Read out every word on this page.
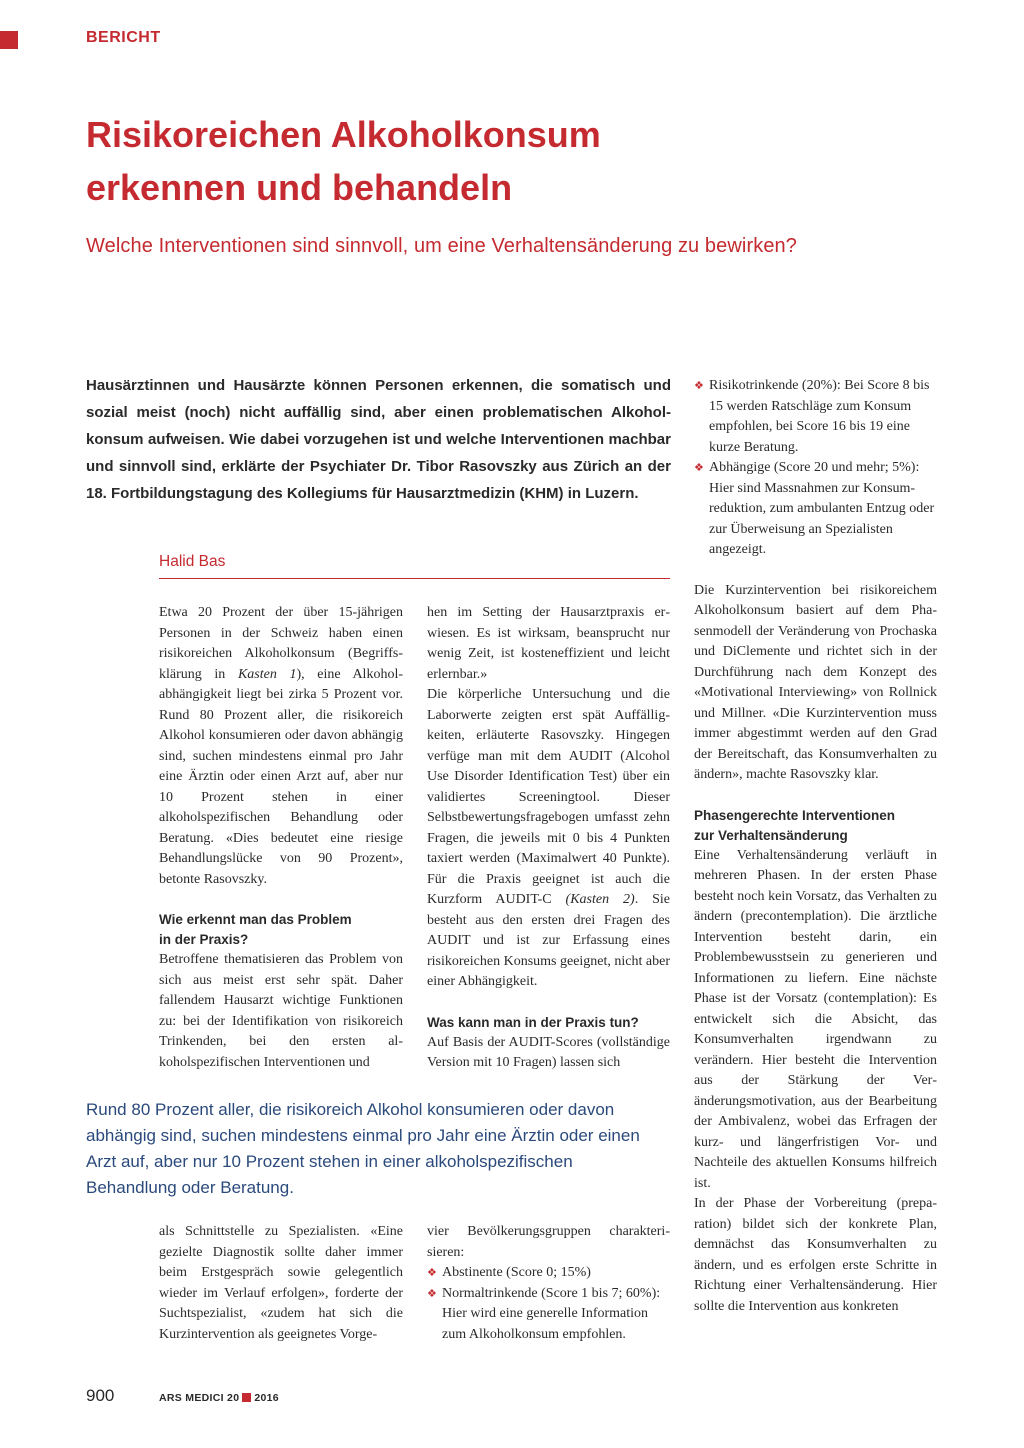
BERICHT
Risikoreichen Alkoholkonsum
erkennen und behandeln
Welche Interventionen sind sinnvoll, um eine Verhaltensänderung zu bewirken?

Hausärztinnen und Hausärzte können Personen erkennen, die somatisch und sozial meist (noch) nicht auffällig sind, aber einen problematischen Alkoholkonsum aufweisen. Wie dabei vorzugehen ist und welche Interventionen machbar und sinnvoll sind, erklärte der Psychiater Dr. Tibor Rasovszky aus Zürich an der 18. Fortbildungstagung des Kollegiums für Hausarztmedizin (KHM) in Luzern.

Halid Bas

Etwa 20 Prozent der über 15-jährigen Personen in der Schweiz haben einen risikoreichen Alkoholkonsum (Begriffsklärung in Kasten 1), eine Alkoholabhängigkeit liegt bei zirka 5 Prozent vor. Rund 80 Prozent aller, die risikoreich Alkohol konsumieren oder davon abhängig sind, suchen mindestens einmal pro Jahr eine Ärztin oder einen Arzt auf, aber nur 10 Prozent stehen in einer alkoholspezifischen Behandlung oder Beratung. «Dies bedeutet eine riesige Behandlungslücke von 90 Prozent», betonte Rasovszky.

Wie erkennt man das Problem
in der Praxis?

Betroffene thematisieren das Problem von sich aus meist erst sehr spät. Daher fallendem Hausarzt wichtige Funktionen zu: bei der Identifikation von risikoreich Trinkenden, bei den ersten alkoholspezifischen Interventionen und

hen im Setting der Hausarztpraxis erwiesen. Es ist wirksam, beansprucht nur wenig Zeit, ist kosteneffizient und leicht erlernbar.»

Die körperliche Untersuchung und die Laborwerte zeigten erst spät Auffälligkeiten, erläuterte Rasovszky. Hingegen verfüge man mit dem AUDIT (Alcohol Use Disorder Identification Test) über ein validiertes Screeningtool. Dieser Selbstbewertungsfragebogen umfasst zehn Fragen, die jeweils mit 0 bis 4 Punkten taxiert werden (Maximalwert 40 Punkte). Für die Praxis geeignet ist auch die Kurzform AUDIT-C (Kasten 2). Sie besteht aus den ersten drei Fragen des AUDIT und ist zur Erfassung eines risikoreichen Konsums geeignet, nicht aber einer Abhängigkeit.

Was kann man in der Praxis tun?

Auf Basis der AUDIT-Scores (vollständige Version mit 10 Fragen) lassen sich

❖ Risikotrinkende (20%): Bei Score 8 bis 15 werden Ratschläge zum Konsum empfohlen, bei Score 16 bis 19 eine kurze Beratung.

❖ Abhängige (Score 20 und mehr; 5%): Hier sind Massnahmen zur Konsumreduktion, zum ambulanten Entzug oder zur Überweisung an Spezialisten angezeigt.

Die Kurzintervention bei risikoreichem Alkoholkonsum basiert auf dem Phasenmodell der Veränderung von Prochaska und DiClemente und richtet sich in der Durchführung nach dem Konzept des «Motivational Interviewing» von Rollnick und Millner. «Die Kurzintervention muss immer abgestimmt werden auf den Grad der Bereitschaft, das Konsumverhalten zu ändern», machte Rasovszky klar.

Phasengerechte Interventionen
zur Verhaltensänderung

Eine Verhaltensänderung verläuft in mehreren Phasen. In der ersten Phase besteht noch kein Vorsatz, das Verhalten zu ändern (precontemplation). Die ärztliche Intervention besteht darin, ein Problembewusstsein zu generieren und Informationen zu liefern. Eine nächste Phase ist der Vorsatz (contemplation): Es entwickelt sich die Absicht, das Konsumverhalten irgendwann zu verändern. Hier besteht die Intervention aus der Stärkung der Veränderungsmotivation, aus der Bearbeitung der Ambivalenz, wobei das Erfragen der kurz- und längerfristigen Vor- und Nachteile des aktuellen Konsums hilfreich ist.

In der Phase der Vorbereitung (preparation) bildet sich der konkrete Plan, demnächst das Konsumverhalten zu ändern, und es erfolgen erste Schritte in Richtung einer Verhaltensänderung. Hier sollte die Intervention aus konkreten

Rund 80 Prozent aller, die risikoreich Alkohol konsumieren oder davon abhängig sind, suchen mindestens einmal pro Jahr eine Ärztin oder einen Arzt auf, aber nur 10 Prozent stehen in einer alkoholspezifischen Behandlung oder Beratung.

als Schnittstelle zu Spezialisten. «Eine gezielte Diagnostik sollte daher immer beim Erstgespräch sowie gelegentlich wieder im Verlauf erfolgen», forderte der Suchtspezialist, «zudem hat sich die Kurzintervention als geeignetes Vorge-

vier Bevölkerungsgruppen charakterisieren:

❖ Abstinente (Score 0; 15%)

❖ Normaltrinkende (Score 1 bis 7; 60%): Hier wird eine generelle Information zum Alkoholkonsum empfohlen.

900	ARS MEDICI 20 2016
